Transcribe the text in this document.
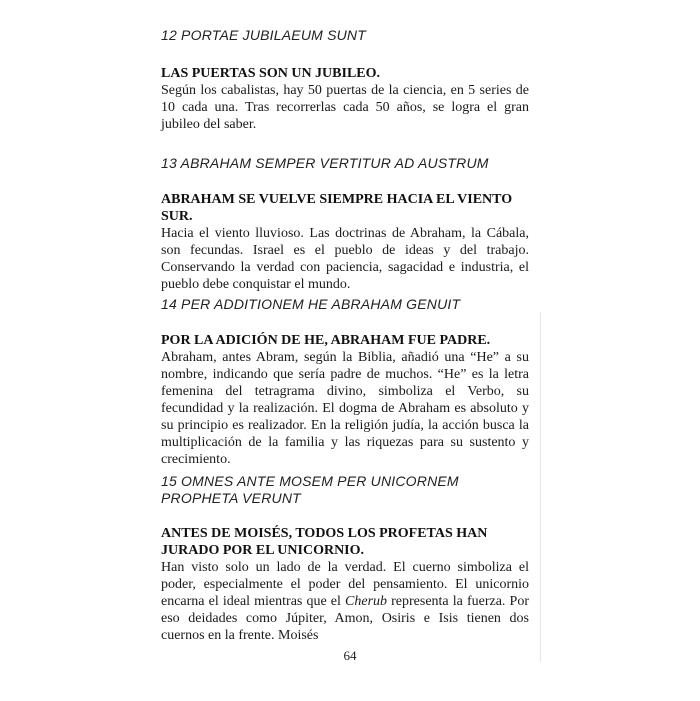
12 PORTAE JUBILAEUM SUNT

LAS PUERTAS SON UN JUBILEO.

Según los cabalistas, hay 50 puertas de la ciencia, en 5 series de 10 cada una. Tras recorrerlas cada 50 años, se logra el gran jubileo del saber.

13 ABRAHAM SEMPER VERTITUR AD AUSTRUM

ABRAHAM SE VUELVE SIEMPRE HACIA EL VIENTO SUR.

Hacia el viento lluvioso. Las doctrinas de Abraham, la Cábala, son fecundas. Israel es el pueblo de ideas y del trabajo. Conservando la verdad con paciencia, sagacidad e industria, el pueblo debe conquistar el mundo.

14 PER ADDITIONEM HE ABRAHAM GENUIT

POR LA ADICIÓN DE HE, ABRAHAM FUE PADRE.

Abraham, antes Abram, según la Biblia, añadió una “He” a su nombre, indicando que sería padre de muchos. “He” es la letra femenina del tetragrama divino, simboliza el Verbo, su fecundidad y la realización. El dogma de Abraham es absoluto y su principio es realizador. En la religión judía, la acción busca la multiplicación de la familia y las riquezas para su sustento y crecimiento.

15 OMNES ANTE MOSEM PER UNICORNEM PROPHETA VERUNT

ANTES DE MOISÉS, TODOS LOS PROFETAS HAN JURADO POR EL UNICORNIO.

Han visto solo un lado de la verdad. El cuerno simboliza el poder, especialmente el poder del pensamiento. El unicornio encarna el ideal mientras que el Cherub representa la fuerza. Por eso deidades como Júpiter, Amon, Osiris e Isis tienen dos cuernos en la frente. Moisés

64
